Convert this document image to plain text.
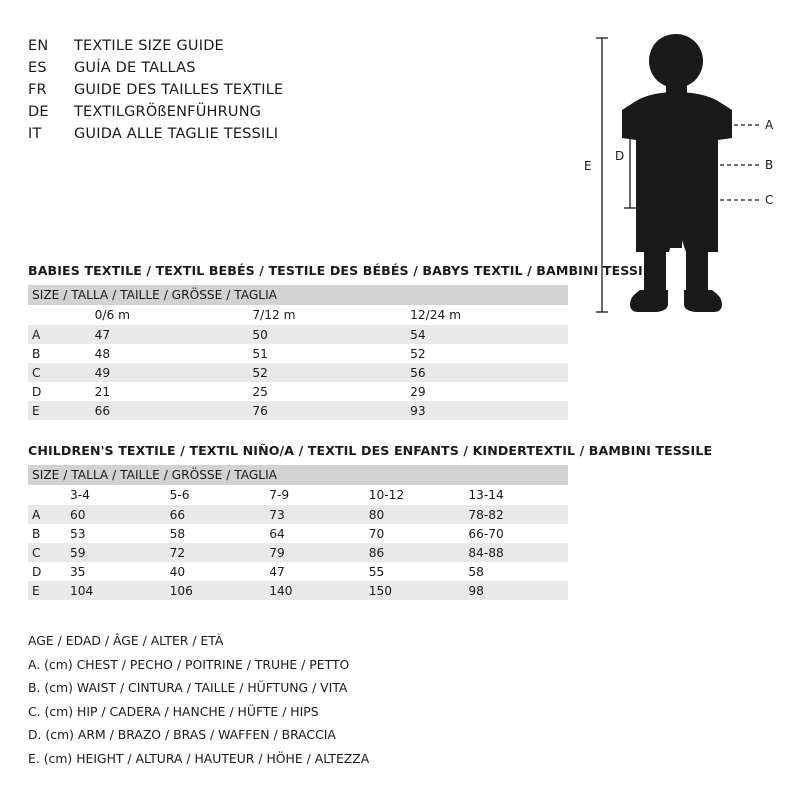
EN	TEXTILE SIZE GUIDE
ES	GUÍA DE TALLAS
FR	GUIDE DES TAILLES TEXTILE
DE	TEXTILGRÖßENFÜHRUNG
IT	GUIDA ALLE TAGLIE TESSILI
A
B
C
E
D
BABIES TEXTILE / TEXTIL BEBÉS / TESTILE DES BÉBÉS / BABYS TEXTIL / BAMBINI TESSILE
SIZE / TALLA / TAILLE / GRÖSSE / TAGLIA			
	0/6 m	7/12 m	12/24 m
A	47	50	54
B	48	51	52
C	49	52	56
D	21	25	29
E	66	76	93
CHILDREN'S TEXTILE / TEXTIL NIÑO/A / TEXTIL DES ENFANTS / KINDERTEXTIL / BAMBINI TESSILE
SIZE / TALLA / TAILLE / GRÖSSE / TAGLIA					
	3-4	5-6	7-9	10-12	13-14
A	60	66	73	80	78-82
B	53	58	64	70	66-70
C	59	72	79	86	84-88
D	35	40	47	55	58
E	104	106	140	150	98
AGE / EDAD / ÂGE / ALTER / ETÀ
A. (cm) CHEST / PECHO / POITRINE / TRUHE / PETTO
B. (cm) WAIST / CINTURA / TAILLE / HÜFTUNG / VITA
C. (cm) HIP / CADERA / HANCHE / HÜFTE / HIPS
D. (cm) ARM / BRAZO / BRAS / WAFFEN / BRACCIA
E. (cm) HEIGHT / ALTURA / HAUTEUR / HÖHE / ALTEZZA
